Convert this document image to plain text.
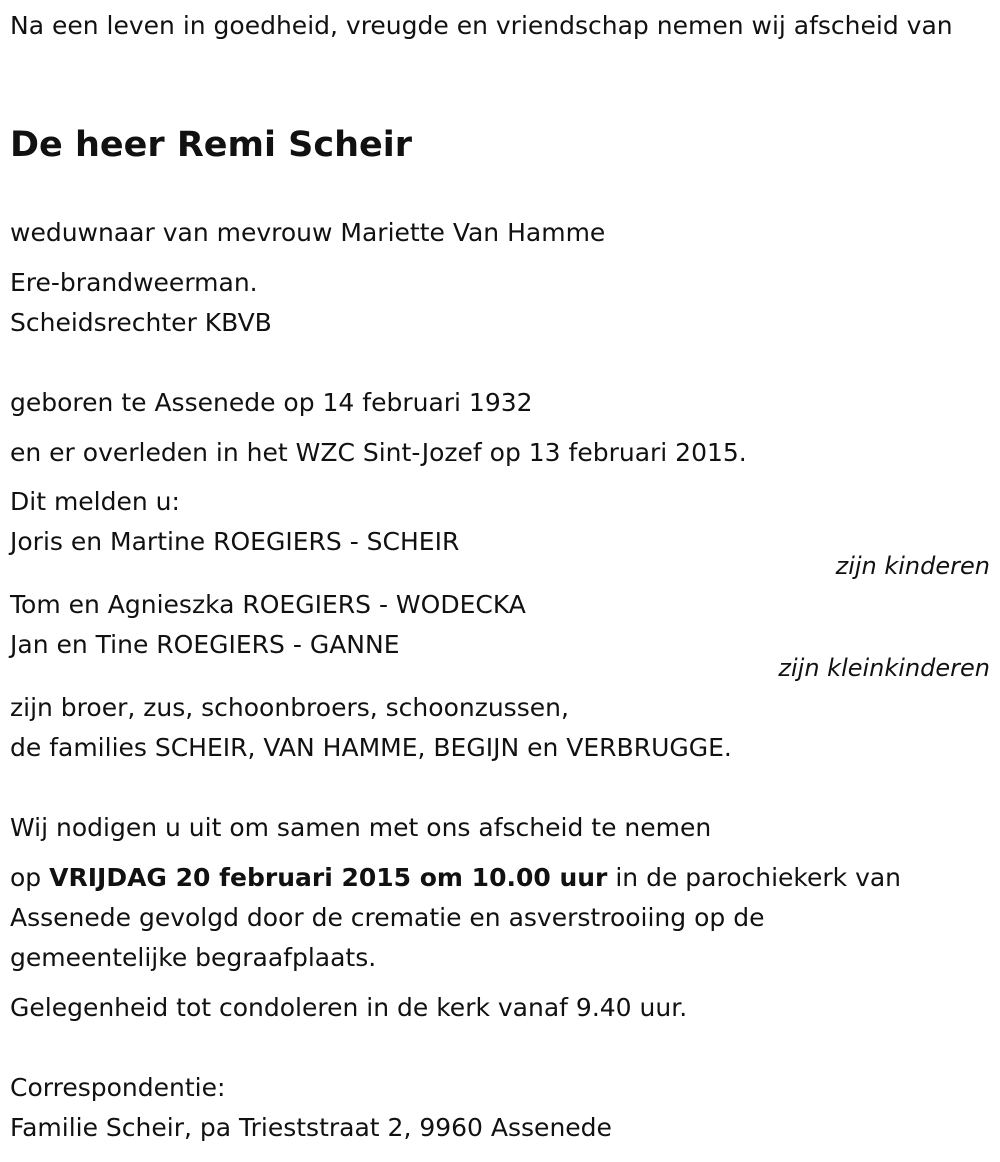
Na een leven in goedheid, vreugde en vriendschap nemen wij afscheid van
De heer Remi Scheir
weduwnaar van mevrouw Mariette Van Hamme
Ere-brandweerman.
Scheidsrechter KBVB
geboren te Assenede op 14 februari 1932
en er overleden in het WZC Sint-Jozef op 13 februari 2015.
Dit melden u:
Joris en Martine ROEGIERS - SCHEIR
zijn kinderen
Tom en Agnieszka ROEGIERS - WODECKA
Jan en Tine ROEGIERS - GANNE
zijn kleinkinderen
zijn broer, zus, schoonbroers, schoonzussen,
de families SCHEIR, VAN HAMME, BEGIJN en VERBRUGGE.
Wij nodigen u uit om samen met ons afscheid te nemen
op VRIJDAG 20 februari 2015 om 10.00 uur in de parochiekerk van
Assenede gevolgd door de crematie en asverstrooiing op de
gemeentelijke begraafplaats.
Gelegenheid tot condoleren in de kerk vanaf 9.40 uur.
Correspondentie:
Familie Scheir, pa Trieststraat 2, 9960 Assenede
